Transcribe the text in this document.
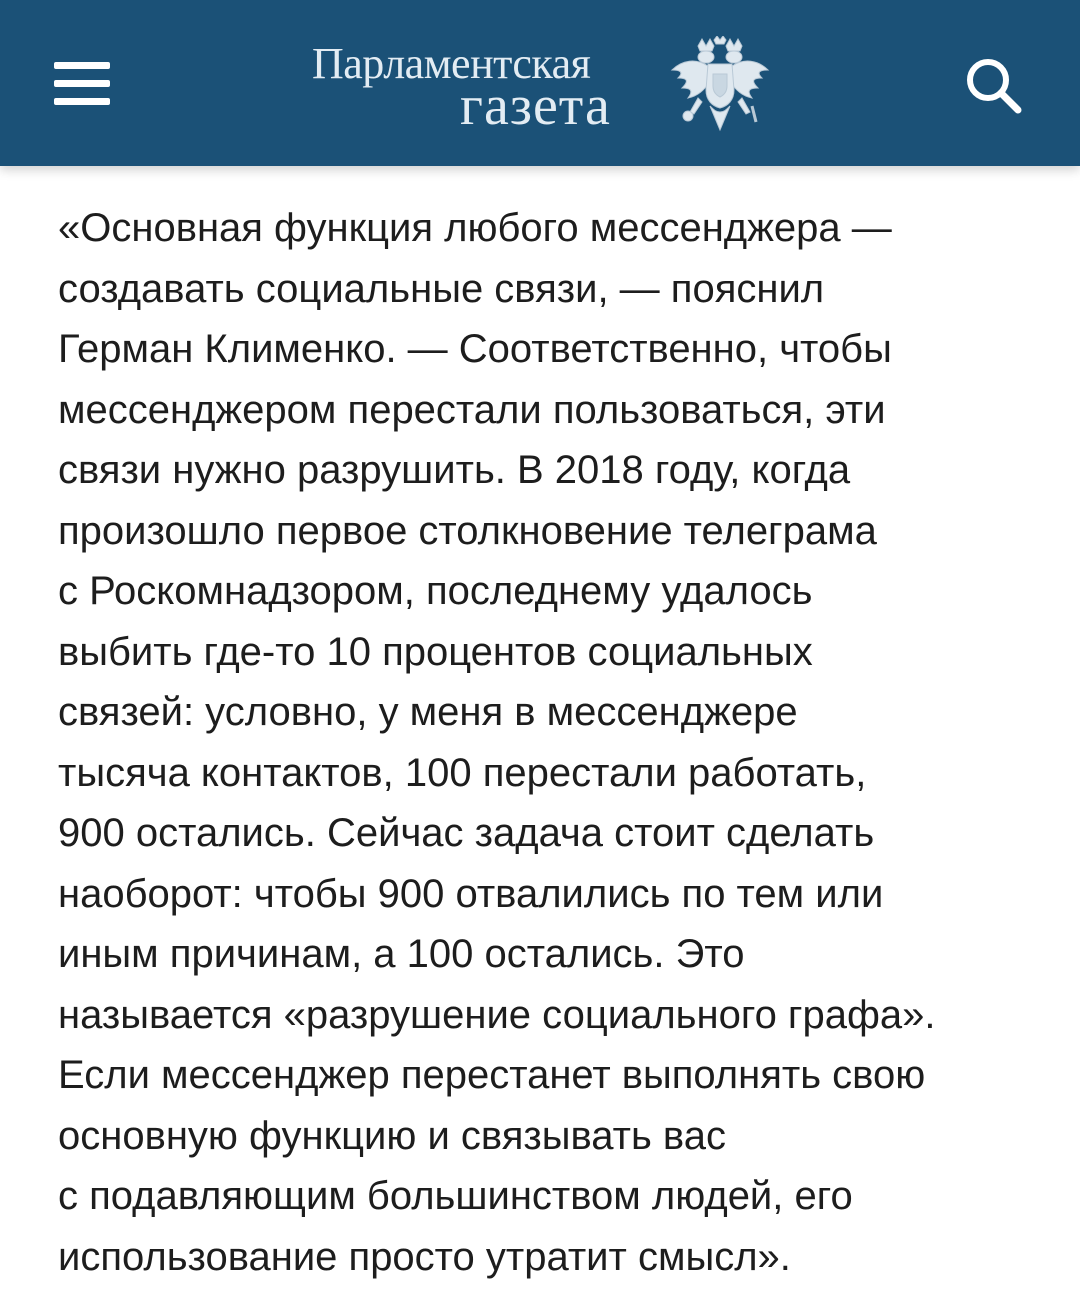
Парламентская
газета

«Основная функция любого мессенджера —
создавать социальные связи, — пояснил
Герман Клименко. — Соответственно, чтобы
мессенджером перестали пользоваться, эти
связи нужно разрушить. В 2018 году, когда
произошло первое столкновение телеграма
с Роскомнадзором, последнему удалось
выбить где-то 10 процентов социальных
связей: условно, у меня в мессенджере
тысяча контактов, 100 перестали работать,
900 остались. Сейчас задача стоит сделать
наоборот: чтобы 900 отвалились по тем или
иным причинам, а 100 остались. Это
называется «разрушение социального графа».
Если мессенджер перестанет выполнять свою
основную функцию и связывать вас
с подавляющим большинством людей, его
использование просто утратит смысл».
